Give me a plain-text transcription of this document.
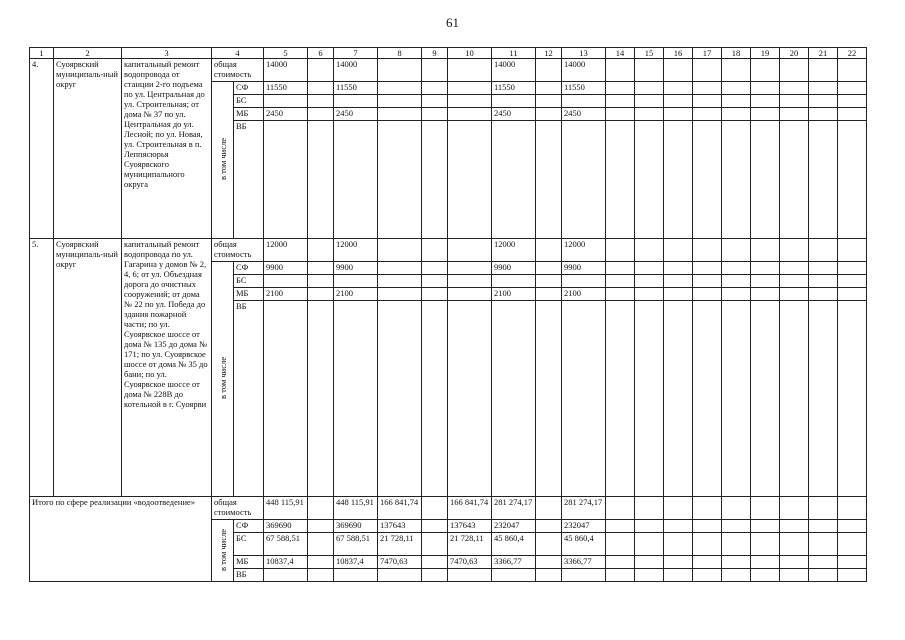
61
1	2	3	4		5	6	7	8	9	10	11	12	13	14	15	16	17	18	19	20	21	22
4.	Суоярвский муниципаль-ный округ	капитальный ремонт водопровода от станции 2-го подъема по ул. Центральная до ул. Строительная; от дома № 37 по ул. Центральная до ул. Лесной; по ул. Новая, ул. Строительная в п. Леппясюрья Суоярвского муниципального округа	общая стоимость		14000		14000				14000		14000									
			в том числе	СФ	11550		11550				11550		11550									
				БС																		
				МБ	2450		2450				2450		2450									
				ВБ																		
5.	Суоярвский муниципаль-ный округ	капитальный ремонт водопровода по ул. Гагарина у домов № 2, 4, 6; от ул. Объездная дорога до очистных сооружений; от дома № 22 по ул. Победа до здания пожарной части; по ул. Суоярвское шоссе от дома № 135 до дома № 171; по ул. Суоярвское шоссе от дома № 35 до бани; по ул. Суоярвское шоссе от дома № 228В до котельной в г. Суоярви	общая стоимость		12000		12000				12000		12000									
			в том числе	СФ	9900		9900				9900		9900									
				БС																		
				МБ	2100		2100				2100		2100									
				ВБ																		
Итого по сфере реализации «водоотведение»			общая стоимость		448 115,91		448 115,91	166 841,74		166 841,74	281 274,17		281 274,17									
			в том числе	СФ	369690		369690	137643		137643	232047		232047									
				БС	67 588,51		67 588,51	21 728,11		21 728,11	45 860,4		45 860,4									
				МБ	10837,4		10837,4	7470,63		7470,63	3366,77		3366,77									
				ВБ																		
